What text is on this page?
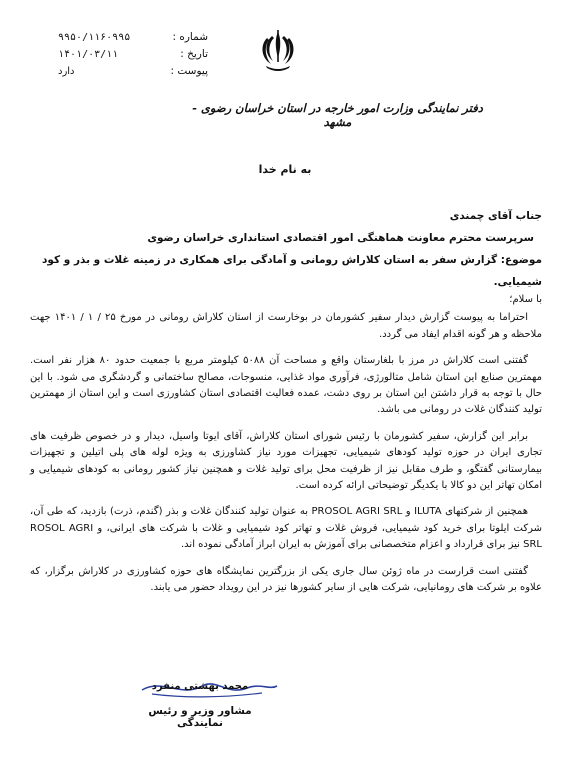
شماره :
۹۹۵۰/۱۱۶۰۹۹۵
تاریخ :
۱۴۰۱/۰۳/۱۱
پیوست :
دارد
دفتر نمایندگی وزارت امور خارجه در استان خراسان رضوی - مشهد
به نام خدا
جناب آقای چمندی
سرپرست محترم معاونت هماهنگی امور اقتصادی استانداری خراسان رضوی
موضوع: گزارش سفر به استان کلاراش رومانی و آمادگی برای همکاری در زمینه غلات و بذر و کود شیمیایی.

با سلام؛

احتراما به پیوست گزارش دیدار سفیر کشورمان در بوخارست از استان کلاراش رومانی در مورخ ۲۵ / ۱ / ۱۴۰۱ جهت ملاحظه و هر گونه اقدام ایفاد می گردد.

گفتنی است کلاراش در مرز با بلغارستان واقع و مساحت آن ۵۰۸۸ کیلومتر مربع با جمعیت حدود ۸۰ هزار نفر است. مهمترین صنایع این استان شامل متالورژی، فرآوری مواد غذایی، منسوجات، مصالح ساختمانی و گردشگری می شود. با این حال با توجه به قرار داشتن این استان بر روی دشت، عمده فعالیت اقتصادی استان کشاورزی است و این استان از مهمترین تولید کنندگان غلات در رومانی می باشد.

برابر این گزارش، سفیر کشورمان با رئیس شورای استان کلاراش، آقای ایوتا واسیل، دیدار و در خصوص ظرفیت های تجاری ایران در حوزه تولید کودهای شیمیایی، تجهیزات مورد نیاز کشاورزی به ویژه لوله های پلی اتیلین و تجهیزات بیمارستانی گفتگو، و طرف مقابل نیز از ظرفیت محل برای تولید غلات و همچنین نیاز کشور رومانی به کودهای شیمیایی و امکان تهاتر این دو کالا با یکدیگر توضیحاتی ارائه کرده است.

همچنین از شرکتهای ILUTA و PROSOL AGRI SRL به عنوان تولید کنندگان غلات و بذر (گندم، ذرت) بازدید، که طی آن، شرکت ایلوتا برای خرید کود شیمیایی، فروش غلات و تهاتر کود شیمیایی و غلات با شرکت های ایرانی، و ROSOL AGRI SRL نیز برای قرارداد و اعزام متخصصانی برای آموزش به ایران ابراز آمادگی نموده اند.

گفتنی است قرارست در ماه ژوئن سال جاری یکی از بزرگترین نمایشگاه های حوزه کشاورزی در کلاراش برگزار، که علاوه بر شرکت های رومانیایی، شرکت هایی از سایر کشورها نیز در این رویداد حضور می یابند.

محمد بهشتی منفرد
مشاور وزیر و رئیس نمایندگی
